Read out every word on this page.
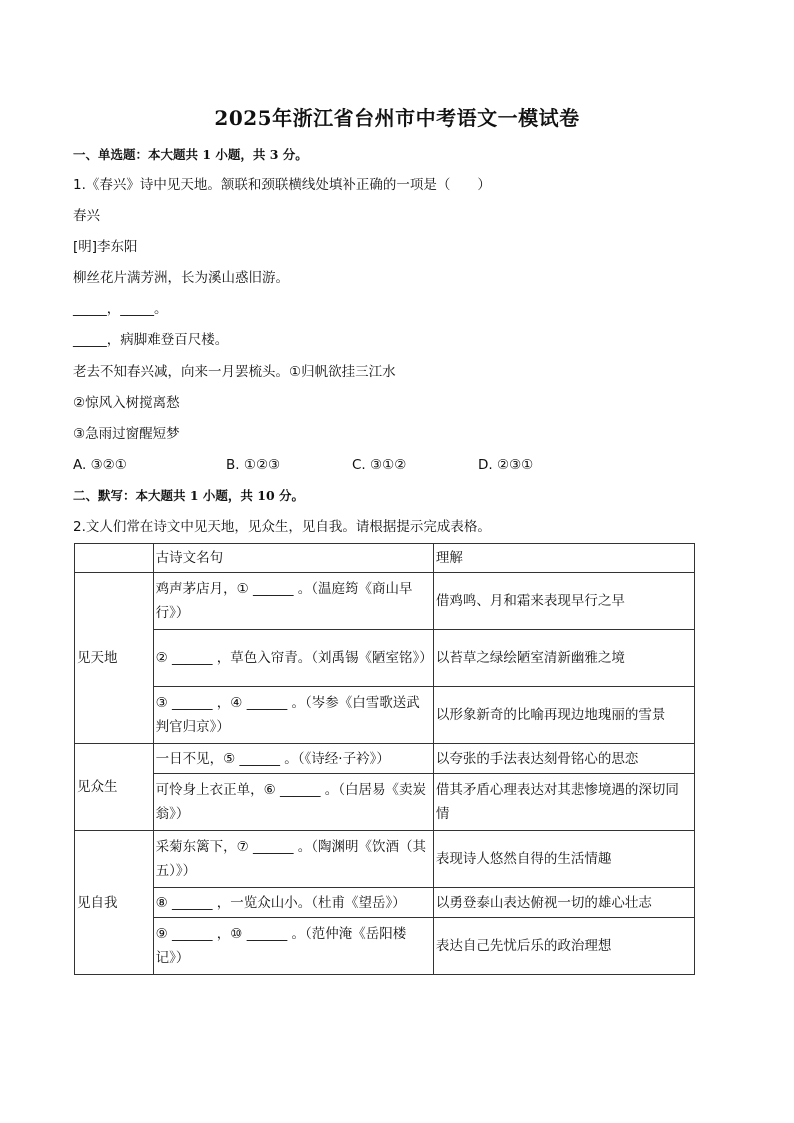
2025年浙江省台州市中考语文一模试卷
一、单选题：本大题共 1 小题，共 3 分。
1.《春兴》诗中见天地。颔联和颈联横线处填补正确的一项是（　　）
春兴
[明]李东阳
柳丝花片满芳洲，长为溪山惑旧游。
_____，_____。
_____，病脚难登百尺楼。
老去不知春兴减，向来一月罢梳头。①归帆欲挂三江水
②惊风入树搅离愁
③急雨过窗醒短梦
A. ③②①	B. ①②③	C. ③①②	D. ②③①
二、默写：本大题共 1 小题，共 10 分。
2.文人们常在诗文中见天地，见众生，见自我。请根据提示完成表格。
	古诗文名句	理解
见天地	鸡声茅店月，① ______ 。（温庭筠《商山早行》）	借鸡鸣、月和霜来表现早行之早
	② ______ ，草色入帘青。（刘禹锡《陋室铭》）	以苔草之绿绘陋室清新幽雅之境
	③ ______ ，④ ______ 。（岑参《白雪歌送武判官归京》）	以形象新奇的比喻再现边地瑰丽的雪景
见众生	一日不见，⑤ ______ 。（《诗经·子衿》）	以夸张的手法表达刻骨铭心的思恋
	可怜身上衣正单，⑥ ______ 。（白居易《卖炭翁》）	借其矛盾心理表达对其悲惨境遇的深切同情
见自我	采菊东篱下，⑦ ______ 。（陶渊明《饮酒（其五）》）	表现诗人悠然自得的生活情趣
	⑧ ______ ，一览众山小。（杜甫《望岳》）	以勇登泰山表达俯视一切的雄心壮志
	⑨ ______ ，⑩ ______ 。（范仲淹《岳阳楼记》）	表达自己先忧后乐的政治理想
